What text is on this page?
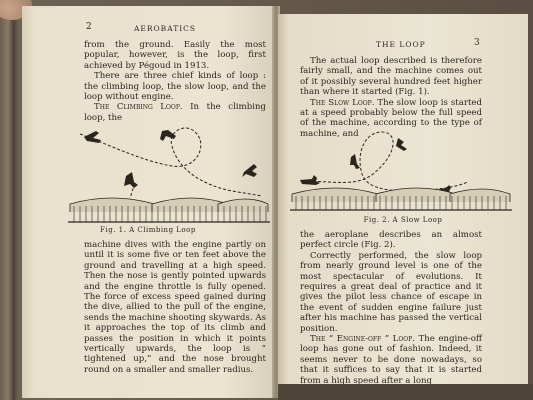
2	AEROBATICS

from the ground. Easily the most popular, however, is the loop, first achieved by Pégoud in 1913.

There are three chief kinds of loop : the climbing loop, the slow loop, and the loop without engine.

The Climbing Loop. In the climbing loop, the

Fig. 1. A Climbing Loop

machine dives with the engine partly on until it is some five or ten feet above the ground and travelling at a high speed. Then the nose is gently pointed upwards and the engine throttle is fully opened. The force of excess speed gained during the dive, allied to the pull of the engine, sends the machine shooting skywards. As it approaches the top of its climb and passes the position in which it points vertically upwards, the loop is “ tightened up,” and the nose brought round on a smaller and smaller radius.

THE LOOP	3

The actual loop described is therefore fairly small, and the machine comes out of it possibly several hundred feet higher than where it started (Fig. 1).

The Slow Loop. The slow loop is started at a speed probably below the full speed of the machine, according to the type of machine, and

Fig. 2. A Slow Loop

the aeroplane describes an almost perfect circle (Fig. 2).

Correctly performed, the slow loop from nearly ground level is one of the most spectacular of evolutions. It requires a great deal of practice and it gives the pilot less chance of escape in the event of sudden engine failure just after his machine has passed the vertical position.

The “ Engine-off ” Loop. The engine-off loop has gone out of fashion. Indeed, it seems never to be done nowadays, so that it suffices to say that it is started from a high speed after a long
